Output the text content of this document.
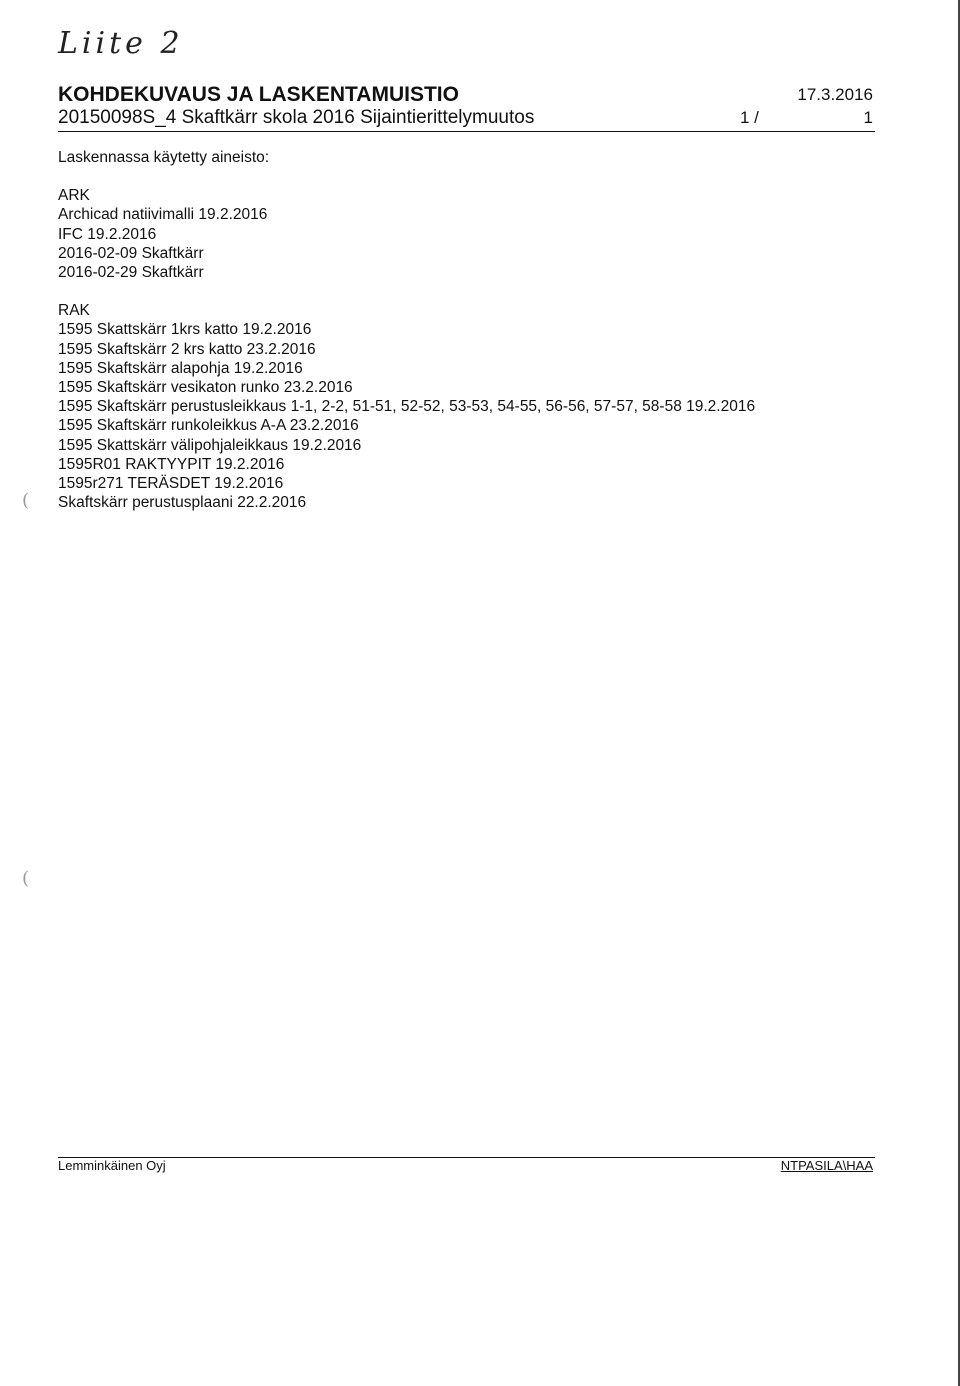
Liite 2
KOHDEKUVAUS JA LASKENTAMUISTIO	17.3.2016
20150098S_4 Skaftkärr skola 2016 Sijaintierittelymuutos	1 /	1
Laskennassa käytetty aineisto:
ARK
Archicad natiivimalli 19.2.2016
IFC 19.2.2016
2016-02-09 Skaftkärr
2016-02-29 Skaftkärr
RAK
1595 Skattskärr 1krs katto 19.2.2016
1595 Skaftskärr 2 krs katto 23.2.2016
1595 Skaftskärr alapohja 19.2.2016
1595 Skaftskärr vesikaton runko 23.2.2016
1595 Skaftskärr perustusleikkaus 1-1, 2-2, 51-51, 52-52, 53-53, 54-55, 56-56, 57-57, 58-58 19.2.2016
1595 Skaftskärr runkoleikkus A-A 23.2.2016
1595 Skattskärr välipohjaleikkaus 19.2.2016
1595R01 RAKTYYPIT 19.2.2016
1595r271 TERÄSDET 19.2.2016
Skaftskärr perustusplaani 22.2.2016
(
(
Lemminkäinen Oyj	NTPASILA\HAA
